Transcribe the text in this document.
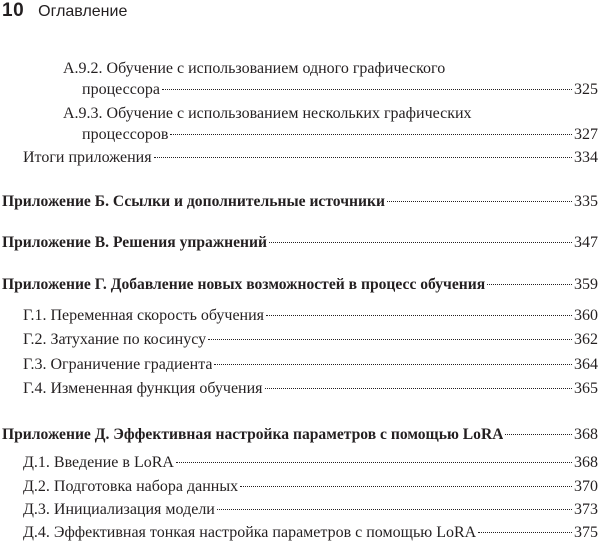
10 Оглавление
A.9.2. Обучение с использованием одного графического
процессора	325
A.9.3. Обучение с использованием нескольких графических
процессоров	327
Итоги приложения	334
Приложение Б. Ссылки и дополнительные источники	335
Приложение В. Решения упражнений	347
Приложение Г. Добавление новых возможностей в процесс обучения	359
Г.1. Переменная скорость обучения	360
Г.2. Затухание по косинусу	362
Г.3. Ограничение градиента	364
Г.4. Измененная функция обучения	365
Приложение Д. Эффективная настройка параметров с помощью LoRA	368
Д.1. Введение в LoRA	368
Д.2. Подготовка набора данных	370
Д.3. Инициализация модели	373
Д.4. Эффективная тонкая настройка параметров с помощью LoRA	375
